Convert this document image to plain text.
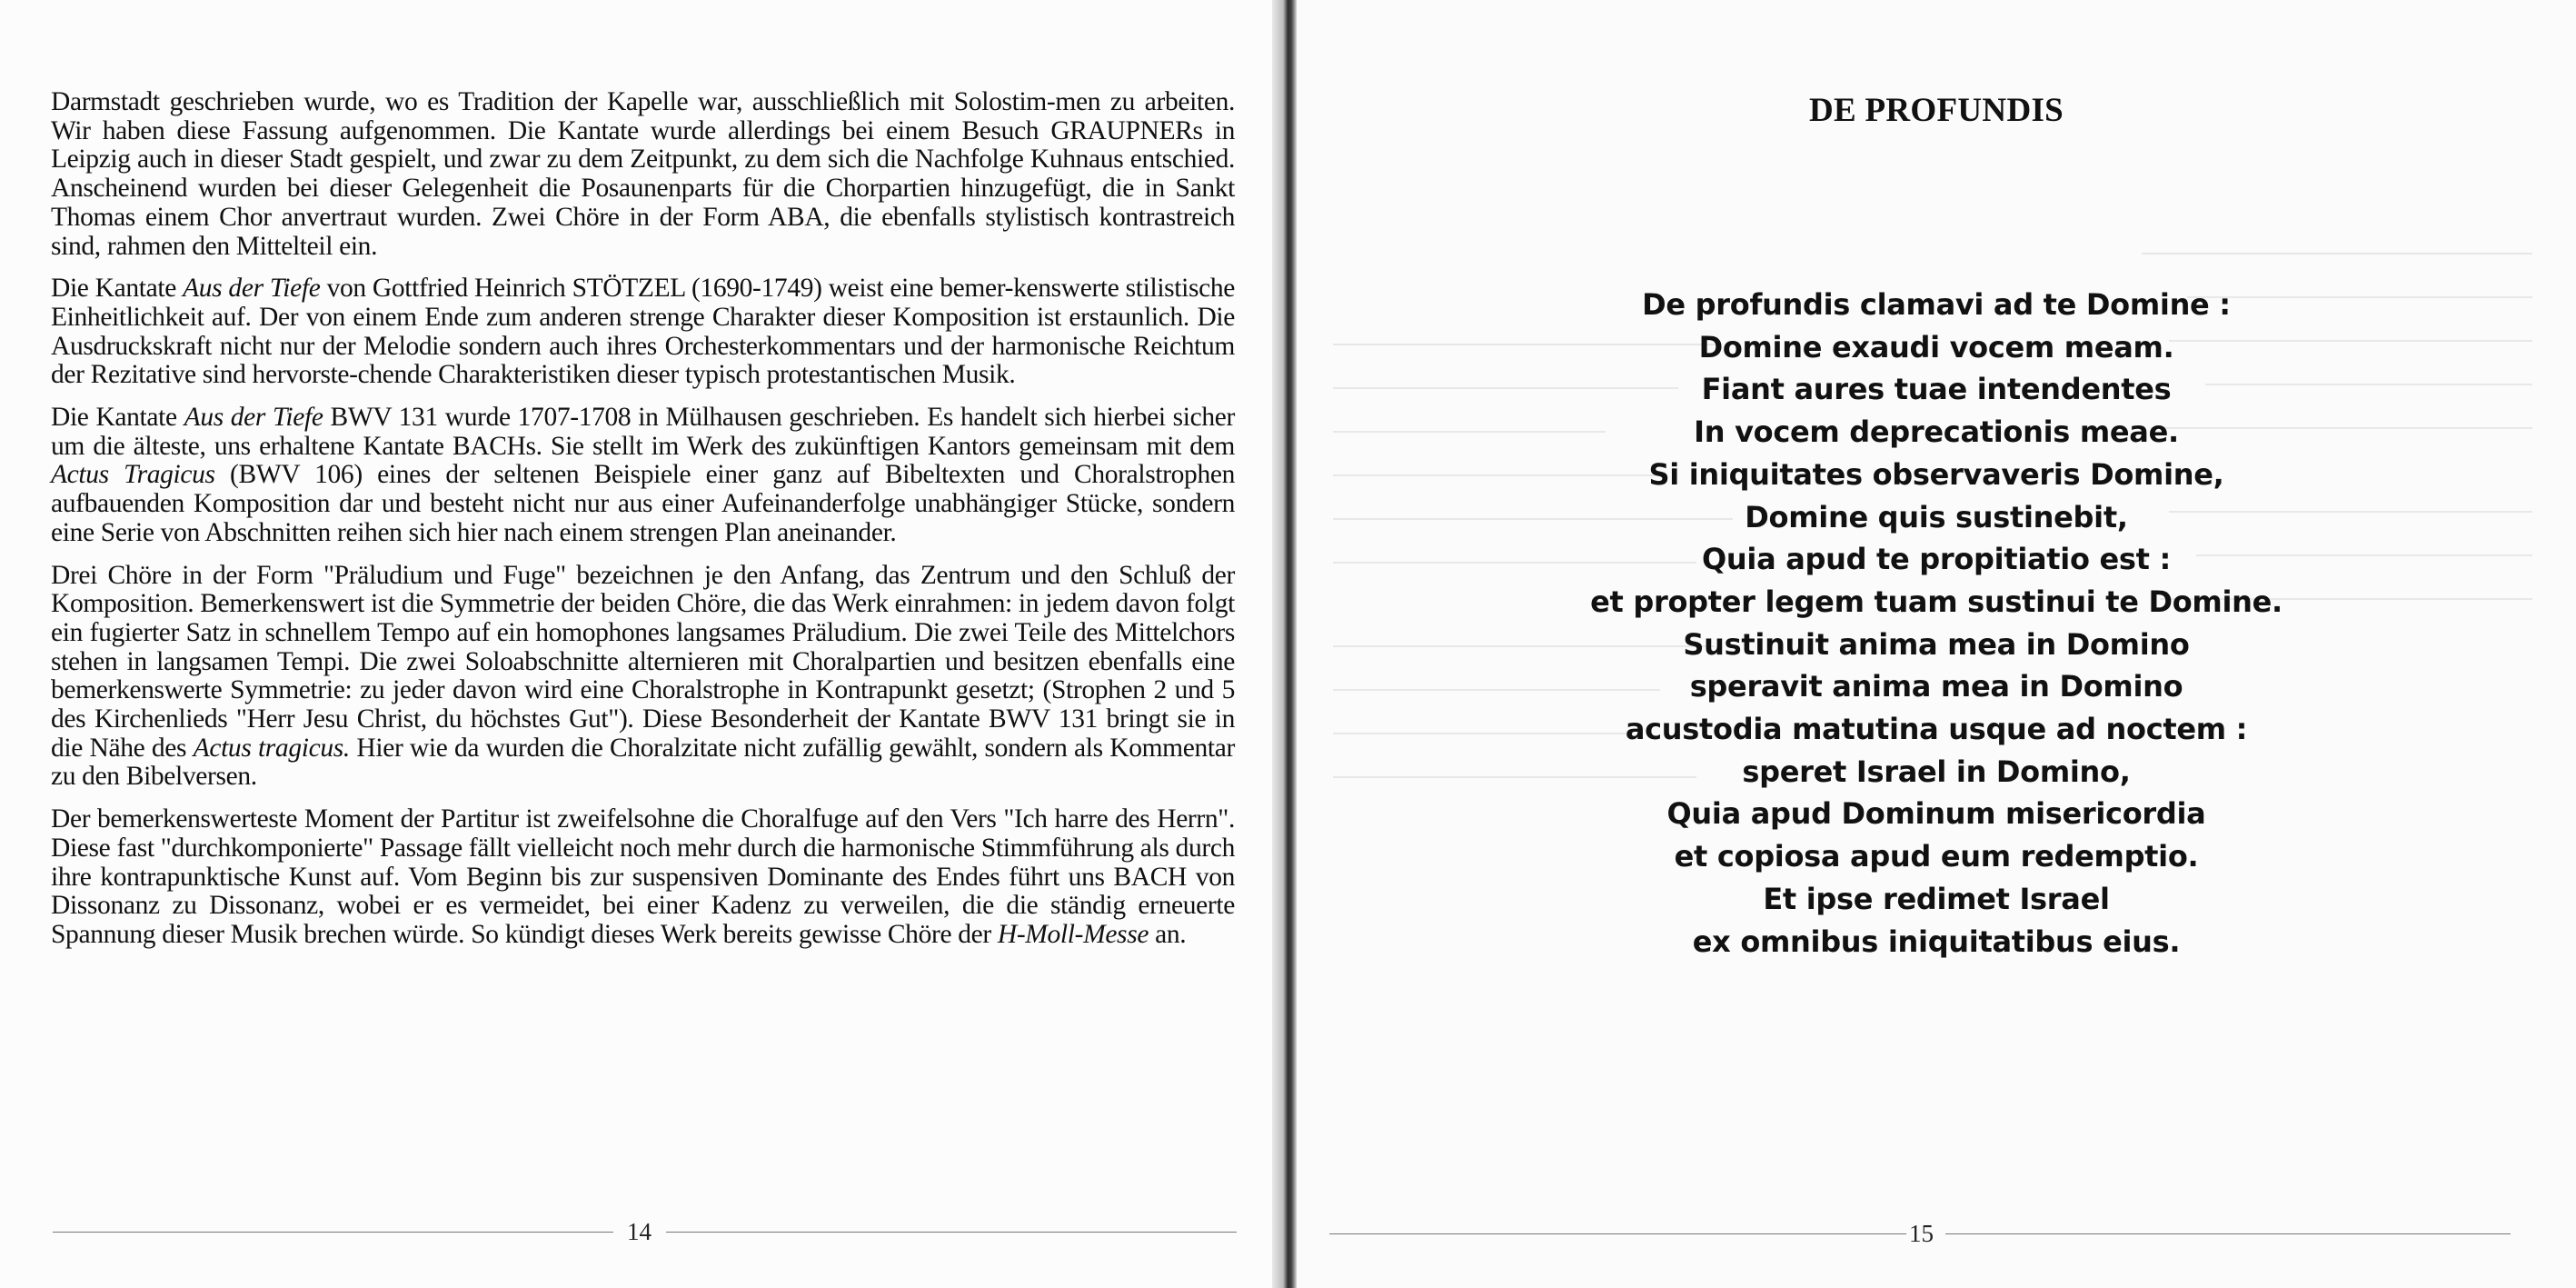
Darmstadt geschrieben wurde, wo es Tradition der Kapelle war, ausschließlich mit Solostim-men zu arbeiten. Wir haben diese Fassung aufgenommen. Die Kantate wurde allerdings bei einem Besuch GRAUPNERs in Leipzig auch in dieser Stadt gespielt, und zwar zu dem Zeitpunkt, zu dem sich die Nachfolge Kuhnaus entschied. Anscheinend wurden bei dieser Gelegenheit die Posaunenparts für die Chorpartien hinzugefügt, die in Sankt Thomas einem Chor anvertraut wurden. Zwei Chöre in der Form ABA, die ebenfalls stylistisch kontrastreich sind, rahmen den Mittelteil ein.

Die Kantate Aus der Tiefe von Gottfried Heinrich STÖTZEL (1690-1749) weist eine bemer-kenswerte stilistische Einheitlichkeit auf. Der von einem Ende zum anderen strenge Charakter dieser Komposition ist erstaunlich. Die Ausdruckskraft nicht nur der Melodie sondern auch ihres Orchesterkommentars und der harmonische Reichtum der Rezitative sind hervorste-chende Charakteristiken dieser typisch protestantischen Musik.

Die Kantate Aus der Tiefe BWV 131 wurde 1707-1708 in Mülhausen geschrieben. Es handelt sich hierbei sicher um die älteste, uns erhaltene Kantate BACHs. Sie stellt im Werk des zukünftigen Kantors gemeinsam mit dem Actus Tragicus (BWV 106) eines der seltenen Beispiele einer ganz auf Bibeltexten und Choralstrophen aufbauenden Komposition dar und besteht nicht nur aus einer Aufeinanderfolge unabhängiger Stücke, sondern eine Serie von Abschnitten reihen sich hier nach einem strengen Plan aneinander.

Drei Chöre in der Form "Präludium und Fuge" bezeichnen je den Anfang, das Zentrum und den Schluß der Komposition. Bemerkenswert ist die Symmetrie der beiden Chöre, die das Werk einrahmen: in jedem davon folgt ein fugierter Satz in schnellem Tempo auf ein homophones langsames Präludium. Die zwei Teile des Mittelchors stehen in langsamen Tempi. Die zwei Soloabschnitte alternieren mit Choralpartien und besitzen ebenfalls eine bemerkenswerte Symmetrie: zu jeder davon wird eine Choralstrophe in Kontrapunkt gesetzt; (Strophen 2 und 5 des Kirchenlieds "Herr Jesu Christ, du höchstes Gut"). Diese Besonderheit der Kantate BWV 131 bringt sie in die Nähe des Actus tragicus. Hier wie da wurden die Choralzitate nicht zufällig gewählt, sondern als Kommentar zu den Bibelversen.

Der bemerkenswerteste Moment der Partitur ist zweifelsohne die Choralfuge auf den Vers "Ich harre des Herrn". Diese fast "durchkomponierte" Passage fällt vielleicht noch mehr durch die harmonische Stimmführung als durch ihre kontrapunktische Kunst auf. Vom Beginn bis zur suspensiven Dominante des Endes führt uns BACH von Dissonanz zu Dissonanz, wobei er es vermeidet, bei einer Kadenz zu verweilen, die die ständig erneuerte Spannung dieser Musik brechen würde. So kündigt dieses Werk bereits gewisse Chöre der H-Moll-Messe an.

14
DE PROFUNDIS
De profundis clamavi ad te Domine :
Domine exaudi vocem meam.
Fiant aures tuae intendentes
In vocem deprecationis meae.
Si iniquitates observaveris Domine,
Domine quis sustinebit,
Quia apud te propitiatio est :
et propter legem tuam sustinui te Domine.
Sustinuit anima mea in Domino
speravit anima mea in Domino
acustodia matutina usque ad noctem :
speret Israel in Domino,
Quia apud Dominum misericordia
et copiosa apud eum redemptio.
Et ipse redimet Israel
ex omnibus iniquitatibus eius.
15
